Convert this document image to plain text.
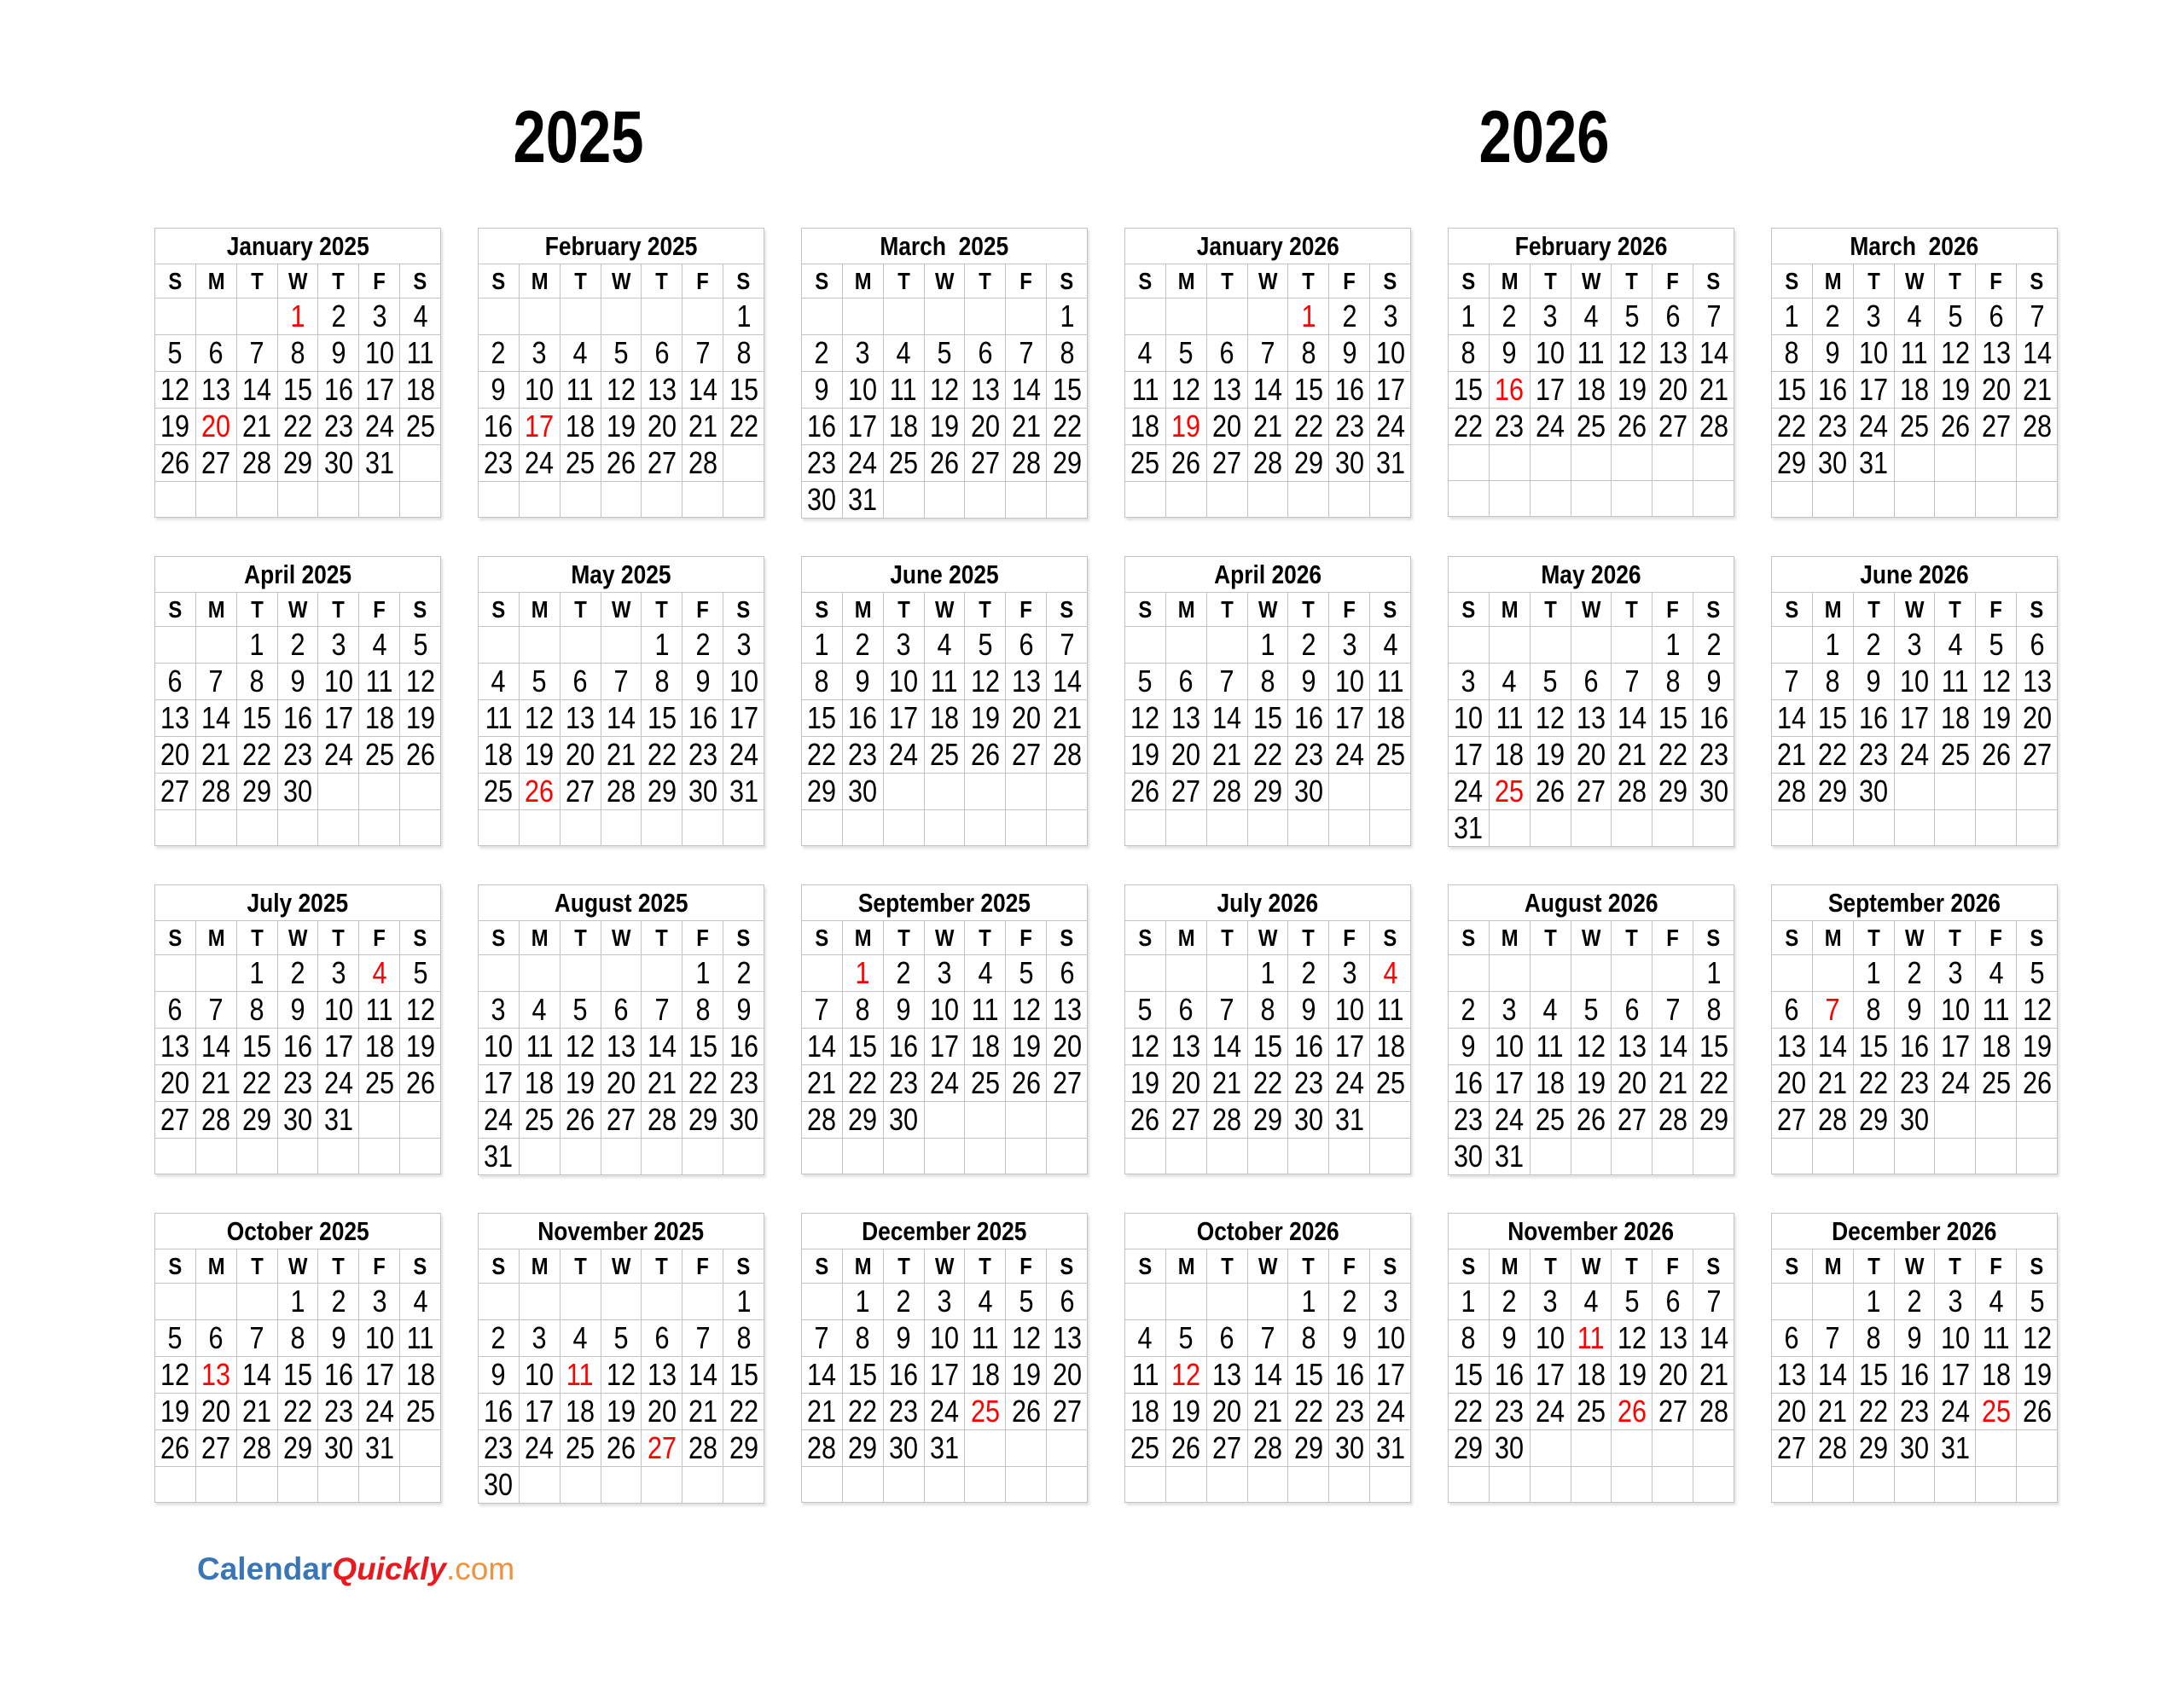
2025	2026
January 2025						
S	M	T	W	T	F	S
			1	2	3	4
5	6	7	8	9	10	11
12	13	14	15	16	17	18
19	20	21	22	23	24	25
26	27	28	29	30	31	

February 2025						
S	M	T	W	T	F	S
						1
2	3	4	5	6	7	8
9	10	11	12	13	14	15
16	17	18	19	20	21	22
23	24	25	26	27	28	

March  2025						
S	M	T	W	T	F	S
						1
2	3	4	5	6	7	8
9	10	11	12	13	14	15
16	17	18	19	20	21	22
23	24	25	26	27	28	29
30	31					
January 2026						
S	M	T	W	T	F	S
				1	2	3
4	5	6	7	8	9	10
11	12	13	14	15	16	17
18	19	20	21	22	23	24
25	26	27	28	29	30	31

February 2026						
S	M	T	W	T	F	S
1	2	3	4	5	6	7
8	9	10	11	12	13	14
15	16	17	18	19	20	21
22	23	24	25	26	27	28

March  2026						
S	M	T	W	T	F	S
1	2	3	4	5	6	7
8	9	10	11	12	13	14
15	16	17	18	19	20	21
22	23	24	25	26	27	28
29	30	31				

April 2025						
S	M	T	W	T	F	S
		1	2	3	4	5
6	7	8	9	10	11	12
13	14	15	16	17	18	19
20	21	22	23	24	25	26
27	28	29	30			

May 2025						
S	M	T	W	T	F	S
				1	2	3
4	5	6	7	8	9	10
11	12	13	14	15	16	17
18	19	20	21	22	23	24
25	26	27	28	29	30	31

June 2025						
S	M	T	W	T	F	S
1	2	3	4	5	6	7
8	9	10	11	12	13	14
15	16	17	18	19	20	21
22	23	24	25	26	27	28
29	30					

April 2026						
S	M	T	W	T	F	S
			1	2	3	4
5	6	7	8	9	10	11
12	13	14	15	16	17	18
19	20	21	22	23	24	25
26	27	28	29	30		

May 2026						
S	M	T	W	T	F	S
					1	2
3	4	5	6	7	8	9
10	11	12	13	14	15	16
17	18	19	20	21	22	23
24	25	26	27	28	29	30
31						
June 2026						
S	M	T	W	T	F	S
	1	2	3	4	5	6
7	8	9	10	11	12	13
14	15	16	17	18	19	20
21	22	23	24	25	26	27
28	29	30				

July 2025						
S	M	T	W	T	F	S
		1	2	3	4	5
6	7	8	9	10	11	12
13	14	15	16	17	18	19
20	21	22	23	24	25	26
27	28	29	30	31		

August 2025						
S	M	T	W	T	F	S
					1	2
3	4	5	6	7	8	9
10	11	12	13	14	15	16
17	18	19	20	21	22	23
24	25	26	27	28	29	30
31						
September 2025						
S	M	T	W	T	F	S
	1	2	3	4	5	6
7	8	9	10	11	12	13
14	15	16	17	18	19	20
21	22	23	24	25	26	27
28	29	30				

July 2026						
S	M	T	W	T	F	S
			1	2	3	4
5	6	7	8	9	10	11
12	13	14	15	16	17	18
19	20	21	22	23	24	25
26	27	28	29	30	31	

August 2026						
S	M	T	W	T	F	S
						1
2	3	4	5	6	7	8
9	10	11	12	13	14	15
16	17	18	19	20	21	22
23	24	25	26	27	28	29
30	31					
September 2026						
S	M	T	W	T	F	S
		1	2	3	4	5
6	7	8	9	10	11	12
13	14	15	16	17	18	19
20	21	22	23	24	25	26
27	28	29	30			

October 2025						
S	M	T	W	T	F	S
			1	2	3	4
5	6	7	8	9	10	11
12	13	14	15	16	17	18
19	20	21	22	23	24	25
26	27	28	29	30	31	

November 2025						
S	M	T	W	T	F	S
						1
2	3	4	5	6	7	8
9	10	11	12	13	14	15
16	17	18	19	20	21	22
23	24	25	26	27	28	29
30						
December 2025						
S	M	T	W	T	F	S
	1	2	3	4	5	6
7	8	9	10	11	12	13
14	15	16	17	18	19	20
21	22	23	24	25	26	27
28	29	30	31			

October 2026						
S	M	T	W	T	F	S
				1	2	3
4	5	6	7	8	9	10
11	12	13	14	15	16	17
18	19	20	21	22	23	24
25	26	27	28	29	30	31

November 2026						
S	M	T	W	T	F	S
1	2	3	4	5	6	7
8	9	10	11	12	13	14
15	16	17	18	19	20	21
22	23	24	25	26	27	28
29	30					

December 2026						
S	M	T	W	T	F	S
		1	2	3	4	5
6	7	8	9	10	11	12
13	14	15	16	17	18	19
20	21	22	23	24	25	26
27	28	29	30	31		

CalendarQuickly.com
